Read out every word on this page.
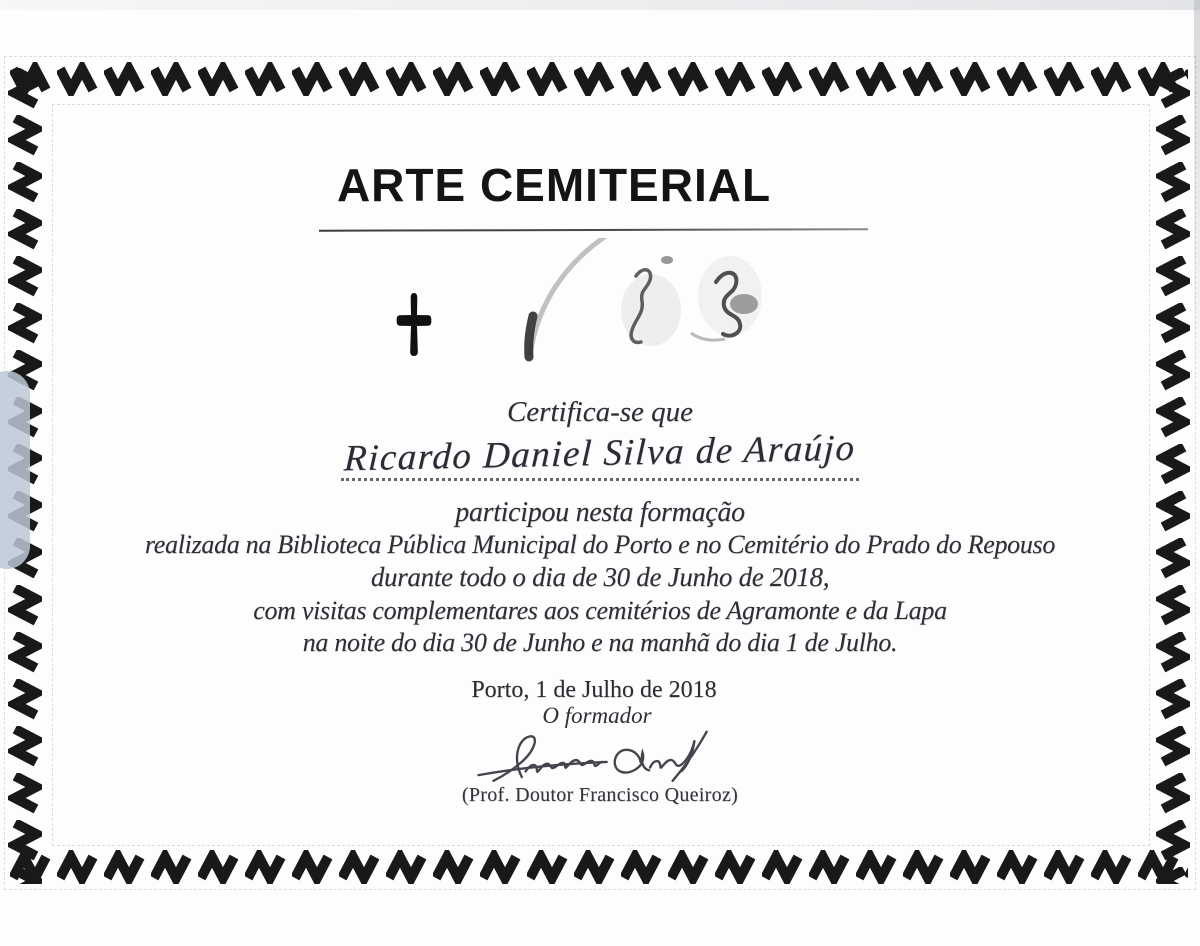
ARTE CEMITERIAL
Certifica-se que
Ricardo Daniel Silva de Araújo
participou nesta formação
realizada na Biblioteca Pública Municipal do Porto e no Cemitério do Prado do Repouso
durante todo o dia de 30 de Junho de 2018,
com visitas complementares aos cemitérios de Agramonte e da Lapa
na noite do dia 30 de Junho e na manhã do dia 1 de Julho.
Porto, 1 de Julho de 2018
O formador
(Prof. Doutor Francisco Queiroz)
